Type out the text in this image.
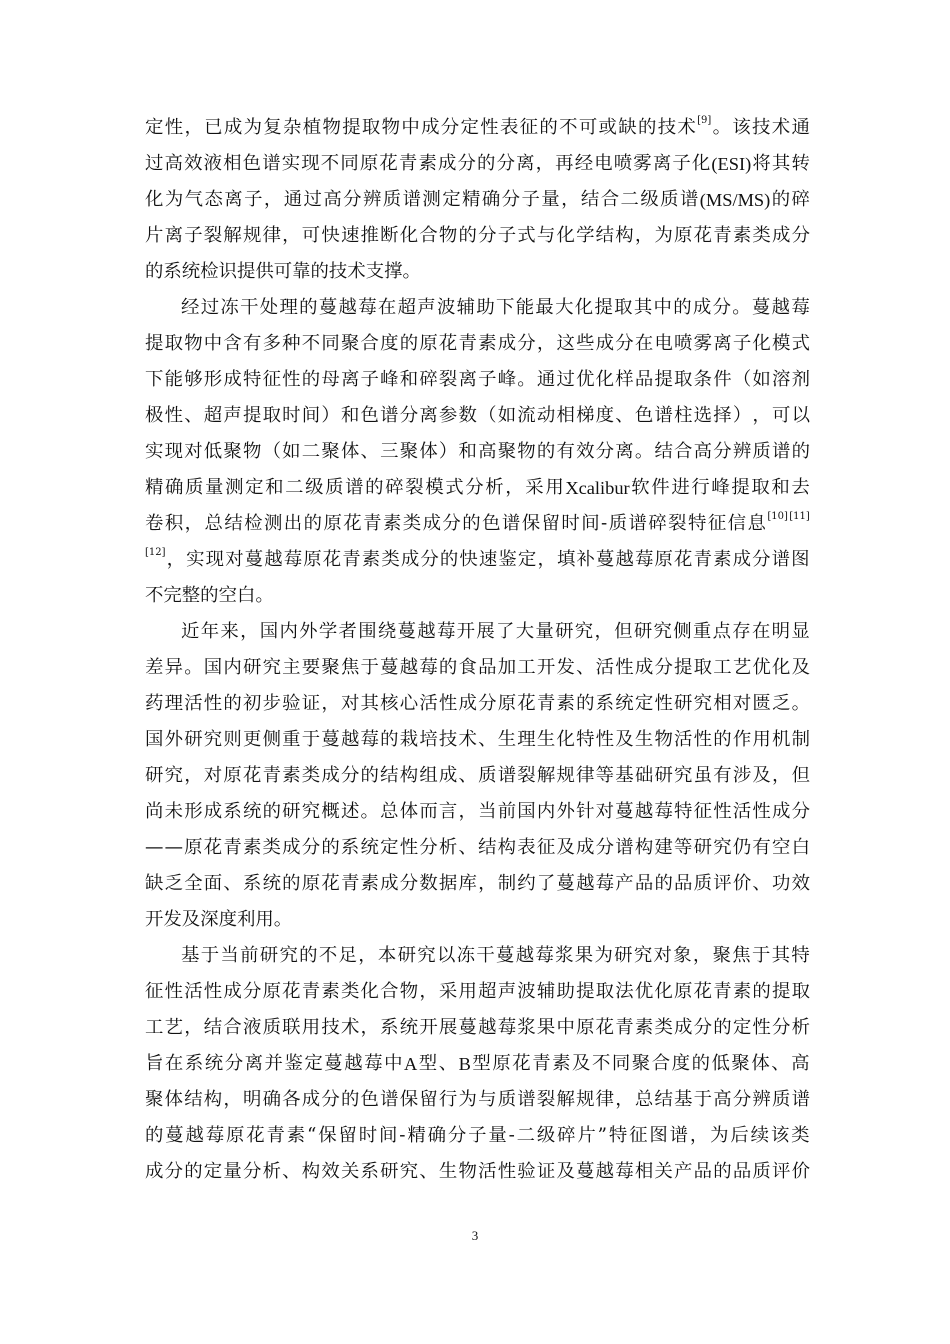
定 性 ， 已 成 为 复 杂 植 物 提 取 物 中 成 分 定 性 表 征 的 不 可 或 缺 的 技 术 [9] 。 该 技 术 通
过 高 效 液 相 色 谱 实 现 不 同 原 花 青 素 成 分 的 分 离 ， 再 经 电 喷 雾 离 子 化 (ESI) 将 其 转
化 为 气 态 离 子 ， 通 过 高 分 辨 质 谱 测 定 精 确 分 子 量 ， 结 合 二 级 质 谱 (MS/MS) 的 碎
片 离 子 裂 解 规 律 ， 可 快 速 推 断 化 合 物 的 分 子 式 与 化 学 结 构 ， 为 原 花 青 素 类 成 分
的系统检识提供可靠的技术支撑。
经 过 冻 干 处 理 的 蔓 越 莓 在 超 声 波 辅 助 下 能 最 大 化 提 取 其 中 的 成 分 。 蔓 越 莓
提 取 物 中 含 有 多 种 不 同 聚 合 度 的 原 花 青 素 成 分 ， 这 些 成 分 在 电 喷 雾 离 子 化 模 式
下 能 够 形 成 特 征 性 的 母 离 子 峰 和 碎 裂 离 子 峰 。 通 过 优 化 样 品 提 取 条 件 （ 如 溶 剂
极 性 、 超 声 提 取 时 间 ） 和 色 谱 分 离 参 数 （ 如 流 动 相 梯 度 、 色 谱 柱 选 择 ） ， 可 以
实 现 对 低 聚 物 （ 如 二 聚 体 、 三 聚 体 ） 和 高 聚 物 的 有 效 分 离 。 结 合 高 分 辨 质 谱 的
精 确 质 量 测 定 和 二 级 质 谱 的 碎 裂 模 式 分 析 ， 采 用 Xcalibur 软 件 进 行 峰 提 取 和 去
卷 积 ， 总 结 检 测 出 的 原 花 青 素 类 成 分 的 色 谱 保 留 时 间 - 质 谱 碎 裂 特 征 信 息 [10] [11]
[12] ， 实 现 对 蔓 越 莓 原 花 青 素 类 成 分 的 快 速 鉴 定 ， 填 补 蔓 越 莓 原 花 青 素 成 分 谱 图
不完整的空白。
近 年 来 ， 国 内 外 学 者 围 绕 蔓 越 莓 开 展 了 大 量 研 究 ， 但 研 究 侧 重 点 存 在 明 显
差 异 。 国 内 研 究 主 要 聚 焦 于 蔓 越 莓 的 食 品 加 工 开 发 、 活 性 成 分 提 取 工 艺 优 化 及
药 理 活 性 的 初 步 验 证 ， 对 其 核 心 活 性 成 分 原 花 青 素 的 系 统 定 性 研 究 相 对 匮 乏 。
国 外 研 究 则 更 侧 重 于 蔓 越 莓 的 栽 培 技 术 、 生 理 生 化 特 性 及 生 物 活 性 的 作 用 机 制
研 究 ， 对 原 花 青 素 类 成 分 的 结 构 组 成 、 质 谱 裂 解 规 律 等 基 础 研 究 虽 有 涉 及 ， 但
尚 未 形 成 系 统 的 研 究 概 述 。 总 体 而 言 ， 当 前 国 内 外 针 对 蔓 越 莓 特 征 性 活 性 成 分
— — 原 花 青 素 类 成 分 的 系 统 定 性 分 析 、 结 构 表 征 及 成 分 谱 构 建 等 研 究 仍 有 空 白
缺 乏 全 面 、 系 统 的 原 花 青 素 成 分 数 据 库 ， 制 约 了 蔓 越 莓 产 品 的 品 质 评 价 、 功 效
开发及深度利用。
基 于 当 前 研 究 的 不 足 ， 本 研 究 以 冻 干 蔓 越 莓 浆 果 为 研 究 对 象 ， 聚 焦 于 其 特
征 性 活 性 成 分 原 花 青 素 类 化 合 物 ， 采 用 超 声 波 辅 助 提 取 法 优 化 原 花 青 素 的 提 取
工 艺 ， 结 合 液 质 联 用 技 术 ， 系 统 开 展 蔓 越 莓 浆 果 中 原 花 青 素 类 成 分 的 定 性 分 析
旨 在 系 统 分 离 并 鉴 定 蔓 越 莓 中 A 型 、 B 型 原 花 青 素 及 不 同 聚 合 度 的 低 聚 体 、 高
聚 体 结 构 ， 明 确 各 成 分 的 色 谱 保 留 行 为 与 质 谱 裂 解 规 律 ， 总 结 基 于 高 分 辨 质 谱
的 蔓 越 莓 原 花 青 素 “ 保 留 时 间 - 精 确 分 子 量 - 二 级 碎 片 ” 特 征 图 谱 ， 为 后 续 该 类
成 分 的 定 量 分 析 、 构 效 关 系 研 究 、 生 物 活 性 验 证 及 蔓 越 莓 相 关 产 品 的 品 质 评 价
3
